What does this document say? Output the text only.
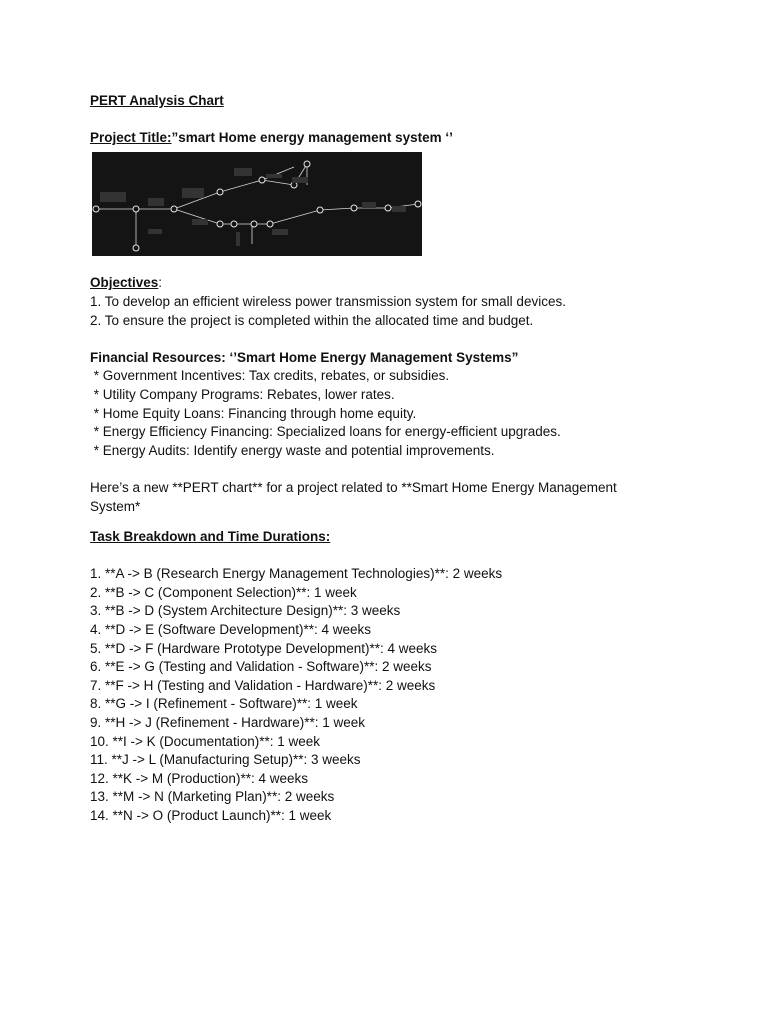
PERT Analysis Chart

Project Title:”smart Home energy management system ‘’

Objectives:

1. To develop an efficient wireless power transmission system for small devices.

2. To ensure the project is completed within the allocated time and budget.

Financial Resources: ‘’Smart Home Energy Management Systems”

* Government Incentives: Tax credits, rebates, or subsidies.

* Utility Company Programs: Rebates, lower rates.

* Home Equity Loans: Financing through home equity.

* Energy Efficiency Financing: Specialized loans for energy-efficient upgrades.

* Energy Audits: Identify energy waste and potential improvements.

Here’s a new **PERT chart** for a project related to **Smart Home Energy Management

System*

Task Breakdown and Time Durations:

1. **A -> B (Research Energy Management Technologies)**: 2 weeks

2. **B -> C (Component Selection)**: 1 week

3. **B -> D (System Architecture Design)**: 3 weeks

4. **D -> E (Software Development)**: 4 weeks

5. **D -> F (Hardware Prototype Development)**: 4 weeks

6. **E -> G (Testing and Validation - Software)**: 2 weeks

7. **F -> H (Testing and Validation - Hardware)**: 2 weeks

8. **G -> I (Refinement - Software)**: 1 week

9. **H -> J (Refinement - Hardware)**: 1 week

10. **I -> K (Documentation)**: 1 week

11. **J -> L (Manufacturing Setup)**: 3 weeks

12. **K -> M (Production)**: 4 weeks

13. **M -> N (Marketing Plan)**: 2 weeks

14. **N -> O (Product Launch)**: 1 week
